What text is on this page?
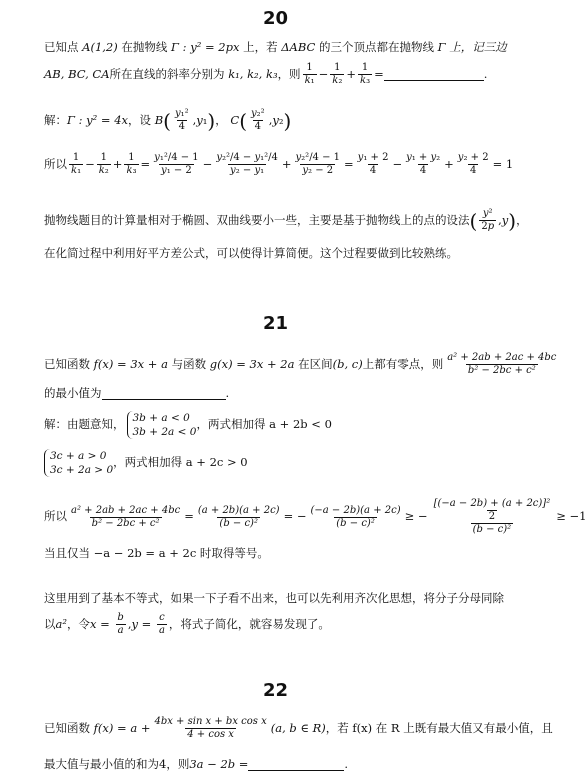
20
已知点 A(1,2) 在抛物线 Γ : y² = 2px 上，若 ΔABC 的三个顶点都在抛物线 Γ 上，记三边
AB, BC, CA 所在直线的斜率分别为
k₁, k₂, k₃ ，则 $\frac{1}{\text{k₁}} - \frac{1}{\text{k₂}} + \frac{1}{\text{k₃}}$ =	.
解： Γ : y² = 4x ，设
B ( $\frac{\text{y₁²}}{4}$ , y ₁ ) ， C ( $\frac{\text{y₂²}}{4}$ , y ₂ )
所以 $\frac{1}{\text{k₁}} - \frac{1}{\text{k₂}} + \frac{1}{\text{k₃}} = \frac{\text{y₁²/4 − 1}}{\text{y₁ − 2}} - \frac{\text{y₂²/4 − y₁²/4}}{\text{y₂ − y₁}} + \frac{\text{y₂²/4 − 1}}{\text{y₂ − 2}} = \frac{\text{y₁ + 2}}{4} - \frac{\text{y₁ + y₂}}{4} + \frac{\text{y₂ + 2}}{4} = 1$
抛物线题目的计算量相对于椭圆、双曲线要小一些，主要是基于抛物线上的点的设法 ( $\frac{\text{y²}}{2p}$ , y ) ，
在化简过程中利用好平方差公式，可以使得计算简便。这个过程要做到比较熟练。
21
已知函数
f(x) = 3x + a
与函数
g(x) = 3x + 2a
在区间 (b, c) 上都有零点，则 $\frac{\text{a² + 2ab + 2ac + 4bc}}{\text{b² − 2bc + c²}}$
的最小值为	.
解：由题意知， 3b + a < 0
3b + 2a < 0
，两式相加得 a + 2b < 0
3c + a > 0
3c + 2a > 0
，两式相加得 a + 2c > 0
所以 $\frac{\text{a² + 2ab + 2ac + 4bc}}{\text{b² − 2bc + c²}} = \frac{(a + 2b)(a + 2c)}{\text{(b − c)²}}$ = − $\frac{(-a - 2b)(a + 2c)}{\text{(b − c)²}}$ ≥ − $\frac{\frac{\text{[(−a − 2b) + (a + 2c)]²}}{2}}{\text{(b − c)²}} \ge -1$
当且仅当 −a − 2b = a + 2c 时取得等号。
这里用到了基本不等式，如果一下子看不出来，也可以先利用齐次化思想，将分子分母同除
以 a² ，令 $x = \frac{b}{a}$ , $y = \frac{c}{a}$ ，将式子简化，就容易发现了。
22
已知函数
$f(x) = a + \frac{\text{4bx + sin x + bx cos x}}{\text{4 + cos x}} (a$, b ∈ R) ，若 f(x) 在 R 上既有最大值又有最小值，且
最大值与最小值的和为 4 ，则 3a − 2b =	.
